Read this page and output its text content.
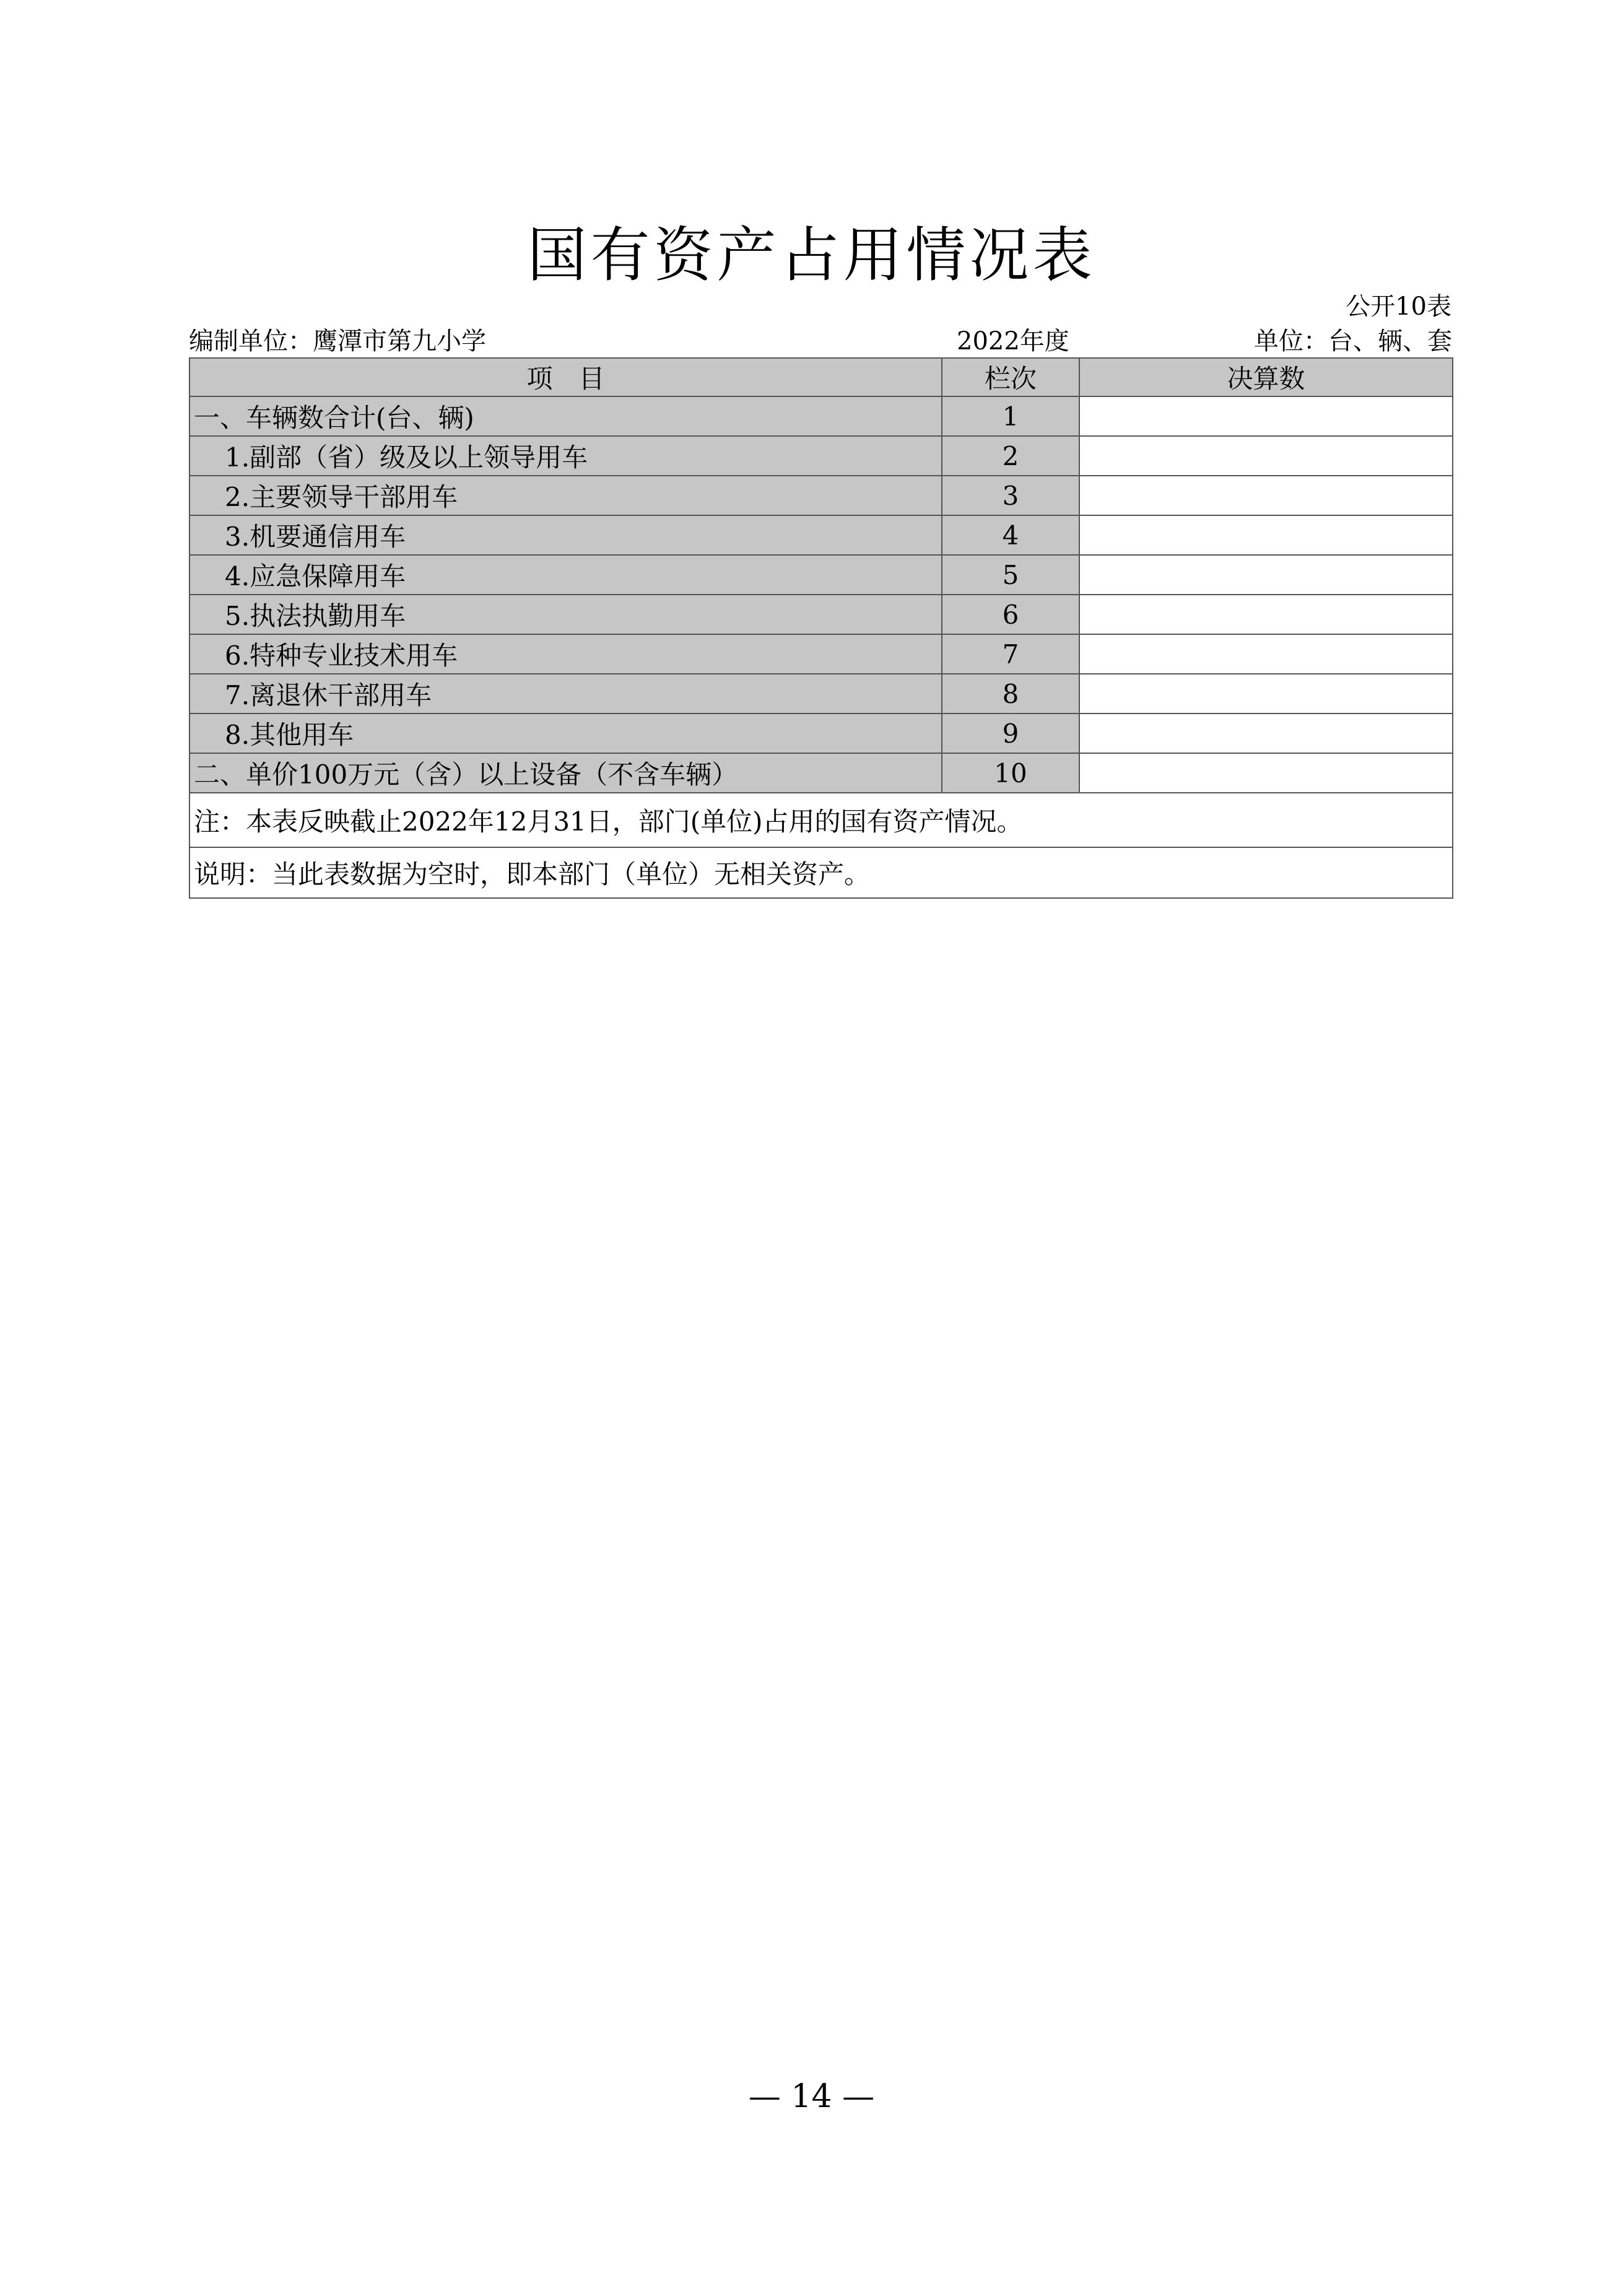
国有资产占用情况表
公开10表
编制单位：鹰潭市第九小学	2022年度	单位：台、辆、套
项　目	栏次	决算数
一、车辆数合计(台、辆)	1	
1.副部（省）级及以上领导用车	2	
2.主要领导干部用车	3	
3.机要通信用车	4	
4.应急保障用车	5	
5.执法执勤用车	6	
6.特种专业技术用车	7	
7.离退休干部用车	8	
8.其他用车	9	
二、单价100万元（含）以上设备（不含车辆）	10	
注：本表反映截止2022年12月31日，部门(单位)占用的国有资产情况。		
说明：当此表数据为空时，即本部门（单位）无相关资产。		
— 14 —
